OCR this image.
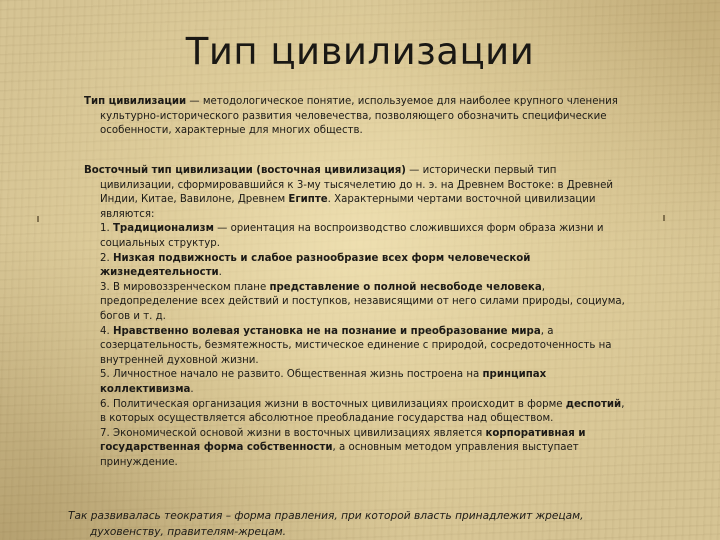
Тип цивилизации
Тип цивилизации — методологическое понятие, используемое для наиболее крупного членения культурно-исторического развития человечества, позволяющего обозначить специфические особенности, характерные для многих обществ.
Восточный тип цивилизации (восточная цивилизация) — исторически первый тип цивилизации, сформировавшийся к 3-му тысячелетию до н. э. на Древнем Востоке: в Древней Индии, Китае, Вавилоне, Древнем Египте. Характерными чертами восточной цивилизации являются:
1. Традиционализм — ориентация на воспроизводство сложившихся форм образа жизни и социальных структур.
2. Низкая подвижность и слабое разнообразие всех форм человеческой жизнедеятельности.
3. В мировоззренческом плане представление о полной несвободе человека, предопределение всех действий и поступков, независящими от него силами природы, социума, богов и т. д.
4. Нравственно волевая установка не на познание и преобразование мира, а созерцательность, безмятежность, мистическое единение с природой, сосредоточенность на внутренней духовной жизни.
5. Личностное начало не развито. Общественная жизнь построена на принципах коллективизма.
6. Политическая организация жизни в восточных цивилизациях происходит в форме деспотий, в которых осуществляется абсолютное преобладание государства над обществом.
7. Экономической основой жизни в восточных цивилизациях является корпоративная и государственная форма собственности, а основным методом управления выступает принуждение.
Так развивалась теократия – форма правления, при которой власть принадлежит жрецам, духовенству, правителям-жрецам.
